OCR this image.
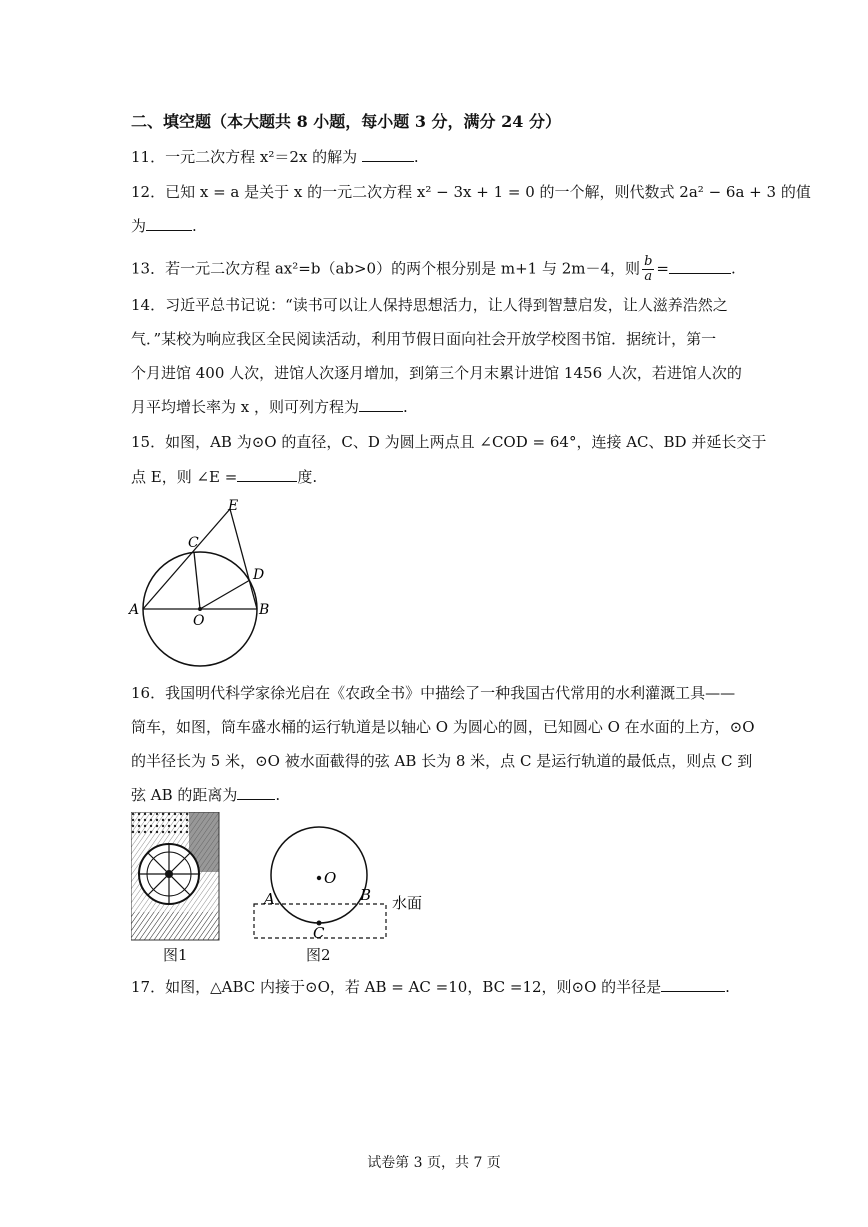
二、填空题（本大题共 8 小题，每小题 3 分，满分 24 分）
11．一元二次方程 x²＝2x 的解为	.
12．已知 x = a 是关于 x 的一元二次方程 x² − 3x + 1 = 0 的一个解，则代数式 2a² − 6a + 3 的值
为	.
13．若一元二次方程 ax²=b（ab>0）的两个根分别是 m+1 与 2m－4，则 $\frac{b}{a}$ =	.
14．习近平总书记说：“读书可以让人保持思想活力，让人得到智慧启发，让人滋养浩然之
气．”某校为响应我区全民阅读活动，利用节假日面向社会开放学校图书馆．据统计，第一
个月进馆 400 人次，进馆人次逐月增加，到第三个月末累计进馆 1456 人次，若进馆人次的
月平均增长率为 x ，则可列方程为	.
15．如图，AB 为⊙O 的直径，C、D 为圆上两点且 ∠COD = 64°，连接 AC、BD 并延长交于
点 E，则 ∠E =	度.
A	B
C
D
E
O
16．我国明代科学家徐光启在《农政全书》中描绘了一种我国古代常用的水利灌溉工具——
筒车，如图，筒车盛水桶的运行轨道是以轴心 O 为圆心的圆，已知圆心 O 在水面的上方，⊙O
的半径长为 5 米，⊙O 被水面截得的弦 AB 长为 8 米，点 C 是运行轨道的最低点，则点 C 到
弦 AB 的距离为	.
图1
O
A	B
C
水面
图2
17．如图，△ABC 内接于⊙O，若 AB = AC =10，BC =12，则⊙O 的半径是	.
试卷第 3 页，共 7 页
